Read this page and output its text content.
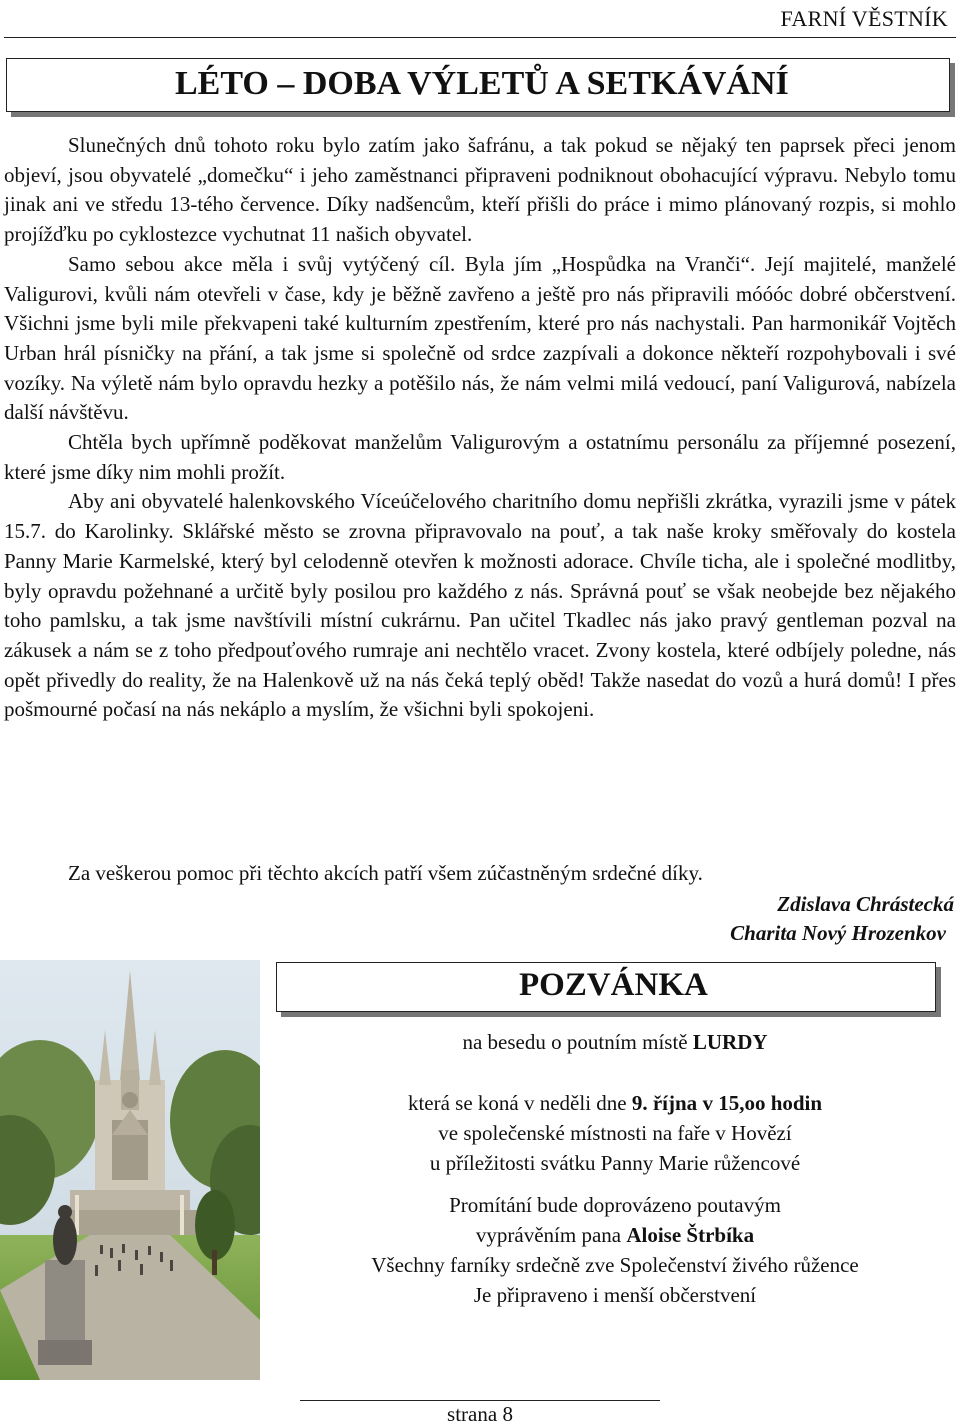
FARNÍ VĚSTNÍK
LÉTO – DOBA VÝLETŮ A SETKÁVÁNÍ

Slunečných dnů tohoto roku bylo zatím jako šafránu, a tak pokud se nějaký ten paprsek přeci jenom objeví, jsou obyvatelé „domečku“ i jeho zaměstnanci připraveni podniknout obohacující výpravu. Nebylo tomu jinak ani ve středu 13-tého července. Díky nadšencům, kteří přišli do práce i mimo plánovaný rozpis, si mohlo projížďku po cyklostezce vychutnat 11 našich obyvatel.

Samo sebou akce měla i svůj vytýčený cíl. Byla jím „Hospůdka na Vranči“. Její majitelé, manželé Valigurovi, kvůli nám otevřeli v čase, kdy je běžně zavřeno a ještě pro nás připravili móóóc dobré občerstvení. Všichni jsme byli mile překvapeni také kulturním zpestřením, které pro nás nachystali. Pan harmonikář Vojtěch Urban hrál písničky na přání, a tak jsme si společně od srdce zazpívali a dokonce někteří rozpohybovali i své vozíky. Na výletě nám bylo opravdu hezky a potěšilo nás, že nám velmi milá vedoucí, paní Valigurová, nabízela další návštěvu.

Chtěla bych upřímně poděkovat manželům Valigurovým a ostatnímu personálu za příjemné posezení, které jsme díky nim mohli prožít.

Aby ani obyvatelé halenkovského Víceúčelového charitního domu nepřišli zkrátka, vyrazili jsme v pátek 15.7. do Karolinky. Sklářské město se zrovna připravovalo na pouť, a tak naše kroky směřovaly do kostela Panny Marie Karmelské, který byl celodenně otevřen k možnosti adorace. Chvíle ticha, ale i společné modlitby, byly opravdu požehnané a určitě byly posilou pro každého z nás. Správná pouť se však neobejde bez nějakého toho pamlsku, a tak jsme navštívili místní cukrárnu. Pan učitel Tkadlec nás jako pravý gentleman pozval na zákusek a nám se z toho předpouťového rumraje ani nechtělo vracet. Zvony kostela, které odbíjely poledne, nás opět přivedly do reality, že na Halenkově už na nás čeká teplý oběd! Takže nasedat do vozů a hurá domů! I přes pošmourné počasí na nás nekáplo a myslím, že všichni byli spokojeni.

Za veškerou pomoc při těchto akcích patří všem zúčastněným srdečné díky.
Zdislava Chrástecká
Charita Nový Hrozenkov
POZVÁNKA
na besedu o poutním místě LURDY
která se koná v neděli dne 9. října v 15,oo hodin
ve společenské místnosti na faře v Hovězí
u příležitosti svátku Panny Marie růžencové
Promítání bude doprovázeno poutavým
vyprávěním pana Aloise Štrbíka
Všechny farníky srdečně zve Společenství živého růžence
Je připraveno i menší občerstvení
strana 8
